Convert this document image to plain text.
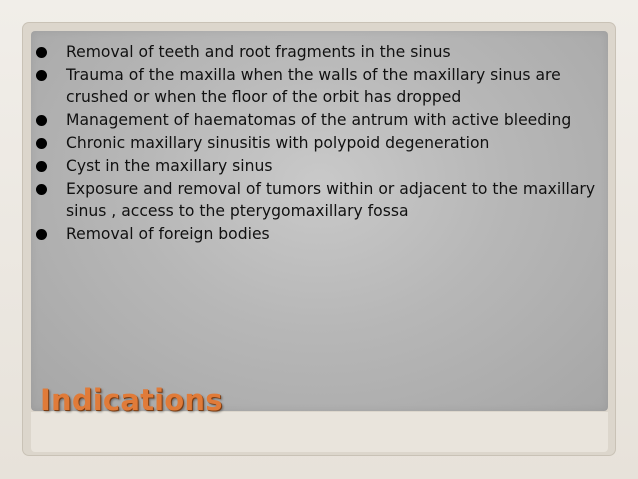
Removal of teeth and root fragments in the sinus
Trauma of the maxilla when the walls of the maxillary sinus are crushed or when the floor of the orbit has dropped
Management of haematomas of the antrum with active bleeding
Chronic maxillary sinusitis with polypoid degeneration
Cyst in the maxillary sinus
Exposure and removal of tumors within or adjacent to the maxillary sinus , access to the pterygomaxillary fossa
Removal of foreign bodies
Indications
